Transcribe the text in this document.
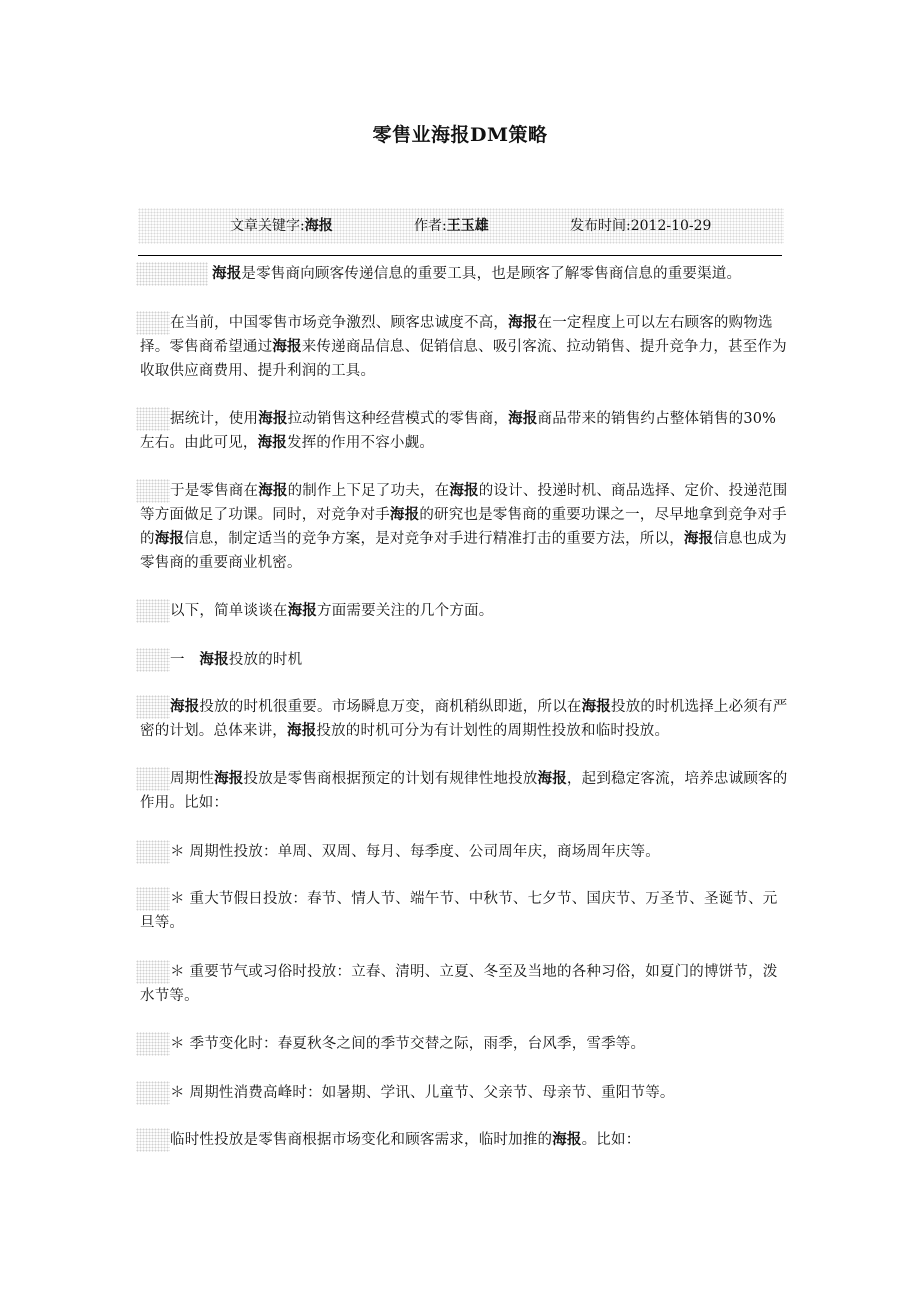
零售业海报DM策略
文章关键字:海报	作者:王玉雄	发布时间:2012-10-29
海报是零售商向顾客传递信息的重要工具，也是顾客了解零售商信息的重要渠道。
在当前，中国零售市场竞争激烈、顾客忠诚度不高，海报在一定程度上可以左右顾客的购物选择。零售商希望通过海报来传递商品信息、促销信息、吸引客流、拉动销售、提升竞争力，甚至作为收取供应商费用、提升利润的工具。
据统计，使用海报拉动销售这种经营模式的零售商，海报商品带来的销售约占整体销售的30%左右。由此可见，海报发挥的作用不容小觑。
于是零售商在海报的制作上下足了功夫，在海报的设计、投递时机、商品选择、定价、投递范围等方面做足了功课。同时，对竞争对手海报的研究也是零售商的重要功课之一，尽早地拿到竞争对手的海报信息，制定适当的竞争方案，是对竞争对手进行精准打击的重要方法，所以，海报信息也成为零售商的重要商业机密。
以下，简单谈谈在海报方面需要关注的几个方面。
一　海报投放的时机
海报投放的时机很重要。市场瞬息万变，商机稍纵即逝，所以在海报投放的时机选择上必须有严密的计划。总体来讲，海报投放的时机可分为有计划性的周期性投放和临时投放。
周期性海报投放是零售商根据预定的计划有规律性地投放海报，起到稳定客流，培养忠诚顾客的作用。比如：
＊ 周期性投放：单周、双周、每月、每季度、公司周年庆，商场周年庆等。
＊ 重大节假日投放：春节、情人节、端午节、中秋节、七夕节、国庆节、万圣节、圣诞节、元旦等。
＊ 重要节气或习俗时投放：立春、清明、立夏、冬至及当地的各种习俗，如夏门的博饼节，泼水节等。
＊ 季节变化时：春夏秋冬之间的季节交替之际，雨季，台风季，雪季等。
＊ 周期性消费高峰时：如暑期、学讯、儿童节、父亲节、母亲节、重阳节等。
临时性投放是零售商根据市场变化和顾客需求，临时加推的海报。比如：
